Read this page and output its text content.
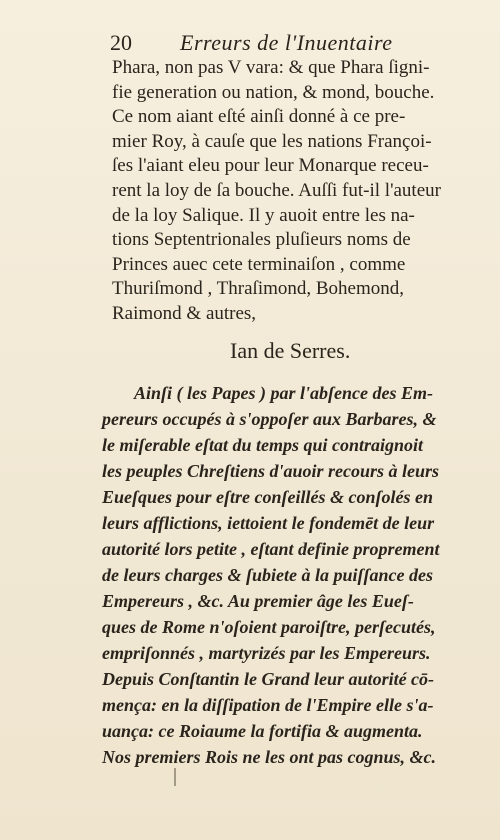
20 Erreurs de l'Inuentaire
Phara, non pas V vara: & que Phara ſigni-
fie generation ou nation, & mond, bouche.
Ce nom aiant eſté ainſi donné à ce pre-
mier Roy, à cauſe que les nations Françoi-
ſes l'aiant eleu pour leur Monarque receu-
rent la loy de ſa bouche. Auſſi fut-il l'auteur
de la loy Salique. Il y auoit entre les na-
tions Septentrionales pluſieurs noms de
Princes auec cete terminaiſon , comme
Thuriſmond , Thraſimond, Bohemond,
Raimond & autres,
Ian de Serres.
Ainſi ( les Papes ) par l'abſence des Em-
pereurs occupés à s'oppoſer aux Barbares, &
le miſerable eſtat du temps qui contraignoit
les peuples Chreſtiens d'auoir recours à leurs
Eueſques pour eſtre conſeillés & conſolés en
leurs afflictions, iettoient le fondemēt de leur
autorité lors petite , eſtant definie proprement
de leurs charges & ſubiete à la puiſſance des
Empereurs , &c. Au premier âge les Eueſ-
ques de Rome n'oſoient paroiſtre, perſecutés,
empriſonnés , martyrizés par les Empereurs.
Depuis Conſtantin le Grand leur autorité cō-
mença: en la diſſipation de l'Empire elle s'a-
uança: ce Roiaume la fortifia & augmenta.
Nos premiers Rois ne les ont pas cognus, &c.
